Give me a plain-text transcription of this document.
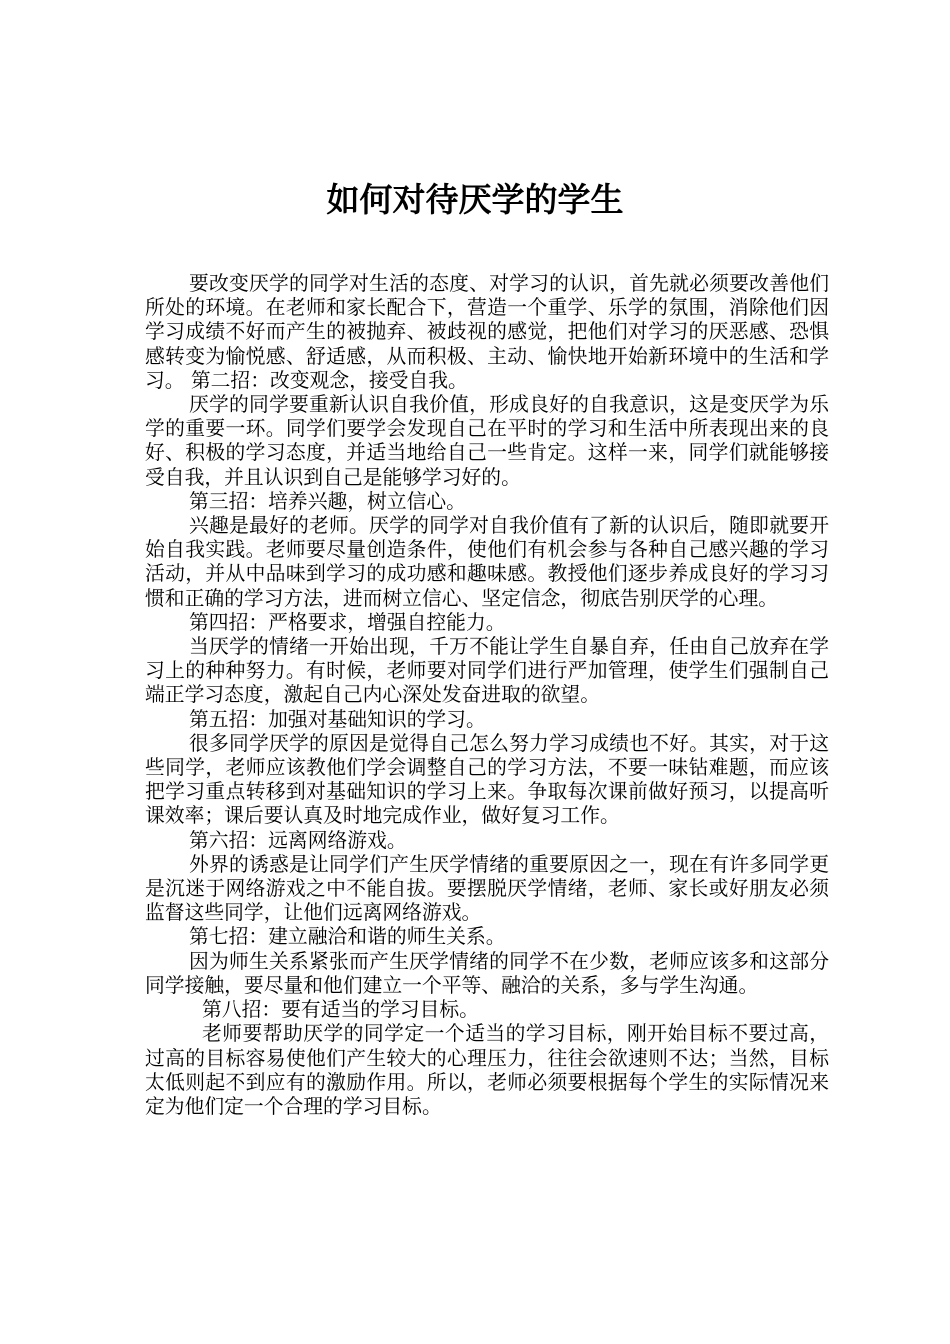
如何对待厌学的学生

要改变厌学的同学对生活的态度、对学习的认识，首先就必须要改善他们所处的环境。在老师和家长配合下，营造一个重学、乐学的氛围，消除他们因学习成绩不好而产生的被抛弃、被歧视的感觉，把他们对学习的厌恶感、恐惧感转变为愉悦感、舒适感，从而积极、主动、愉快地开始新环境中的生活和学习。 第二招：改变观念，接受自我。

厌学的同学要重新认识自我价值，形成良好的自我意识，这是变厌学为乐学的重要一环。同学们要学会发现自己在平时的学习和生活中所表现出来的良好、积极的学习态度，并适当地给自己一些肯定。这样一来，同学们就能够接受自我，并且认识到自己是能够学习好的。

第三招：培养兴趣，树立信心。

兴趣是最好的老师。厌学的同学对自我价值有了新的认识后，随即就要开始自我实践。老师要尽量创造条件，使他们有机会参与各种自己感兴趣的学习活动，并从中品味到学习的成功感和趣味感。教授他们逐步养成良好的学习习惯和正确的学习方法，进而树立信心、坚定信念，彻底告别厌学的心理。

第四招：严格要求，增强自控能力。

当厌学的情绪一开始出现，千万不能让学生自暴自弃，任由自己放弃在学习上的种种努力。有时候，老师要对同学们进行严加管理，使学生们强制自己端正学习态度，激起自己内心深处发奋进取的欲望。

第五招：加强对基础知识的学习。

很多同学厌学的原因是觉得自己怎么努力学习成绩也不好。其实，对于这些同学，老师应该教他们学会调整自己的学习方法，不要一味钻难题，而应该把学习重点转移到对基础知识的学习上来。争取每次课前做好预习，以提高听课效率；课后要认真及时地完成作业，做好复习工作。

第六招：远离网络游戏。

外界的诱惑是让同学们产生厌学情绪的重要原因之一，现在有许多同学更是沉迷于网络游戏之中不能自拔。要摆脱厌学情绪，老师、家长或好朋友必须监督这些同学，让他们远离网络游戏。

第七招：建立融洽和谐的师生关系。

因为师生关系紧张而产生厌学情绪的同学不在少数，老师应该多和这部分同学接触，要尽量和他们建立一个平等、融洽的关系，多与学生沟通。

第八招：要有适当的学习目标。

老师要帮助厌学的同学定一个适当的学习目标，刚开始目标不要过高，过高的目标容易使他们产生较大的心理压力，往往会欲速则不达；当然，目标太低则起不到应有的激励作用。所以，老师必须要根据每个学生的实际情况来定为他们定一个合理的学习目标。
